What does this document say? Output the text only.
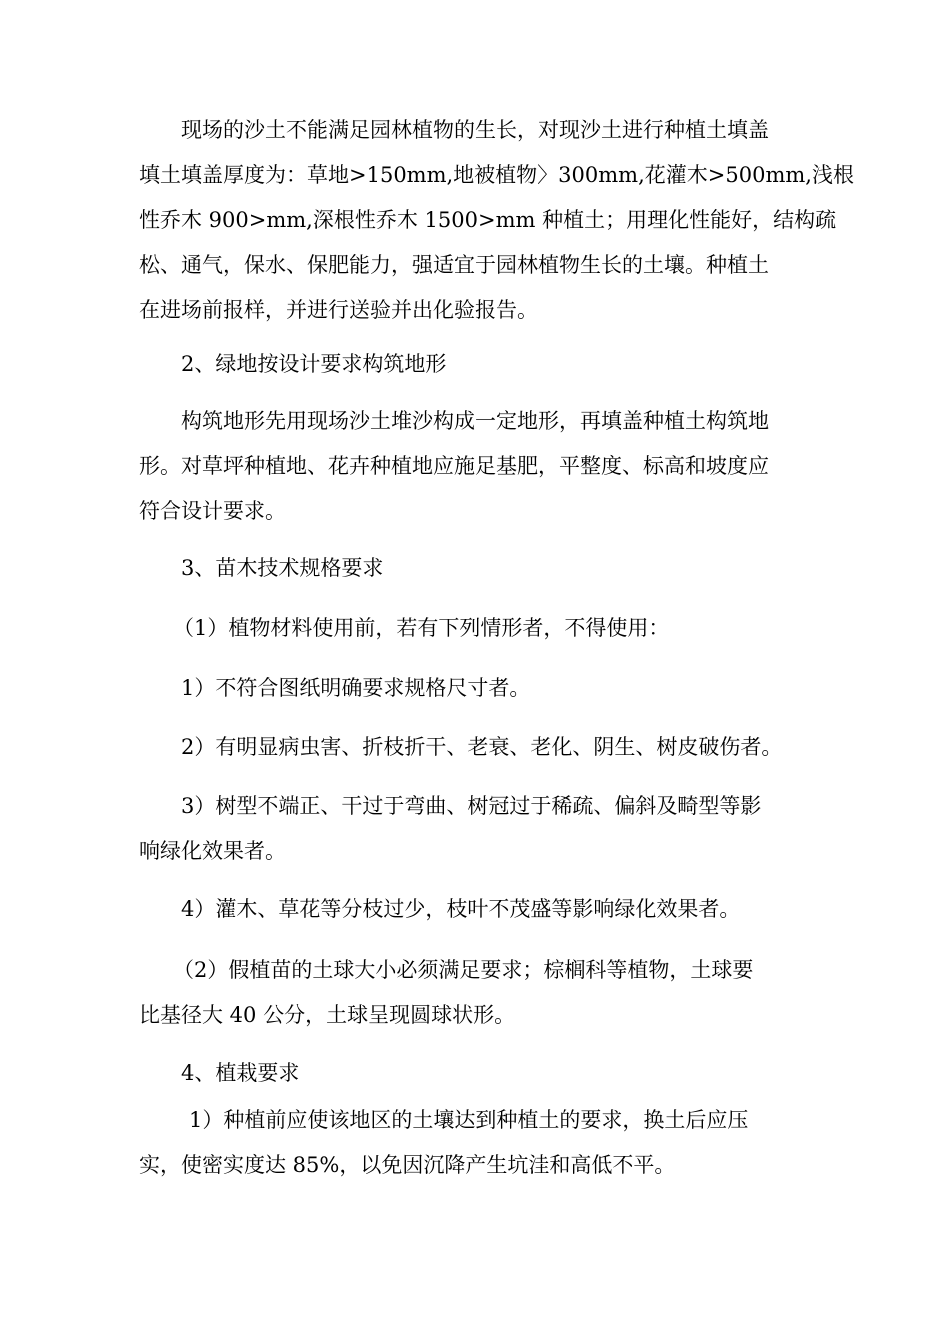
现场的沙土不能满足园林植物的生长，对现沙土进行种植土填盖
填土填盖厚度为：草地>150mm,地被植物〉300mm,花灌木>500mm,浅根
性乔木 900>mm,深根性乔木 1500>mm 种植土；用理化性能好，结构疏
松、通气，保水、保肥能力，强适宜于园林植物生长的土壤。种植土
在进场前报样，并进行送验并出化验报告。
2、绿地按设计要求构筑地形
构筑地形先用现场沙土堆沙构成一定地形，再填盖种植土构筑地
形。对草坪种植地、花卉种植地应施足基肥，平整度、标高和坡度应
符合设计要求。
3、苗木技术规格要求
（1）植物材料使用前，若有下列情形者，不得使用：
1）不符合图纸明确要求规格尺寸者。
2）有明显病虫害、折枝折干、老衰、老化、阴生、树皮破伤者。
3）树型不端正、干过于弯曲、树冠过于稀疏、偏斜及畸型等影
响绿化效果者。
4）灌木、草花等分枝过少，枝叶不茂盛等影响绿化效果者。
（2）假植苗的土球大小必须满足要求；棕榈科等植物，土球要
比基径大 40 公分，土球呈现圆球状形。
4、植栽要求
1）种植前应使该地区的土壤达到种植土的要求，换土后应压
实，使密实度达 85%，以免因沉降产生坑洼和高低不平。
